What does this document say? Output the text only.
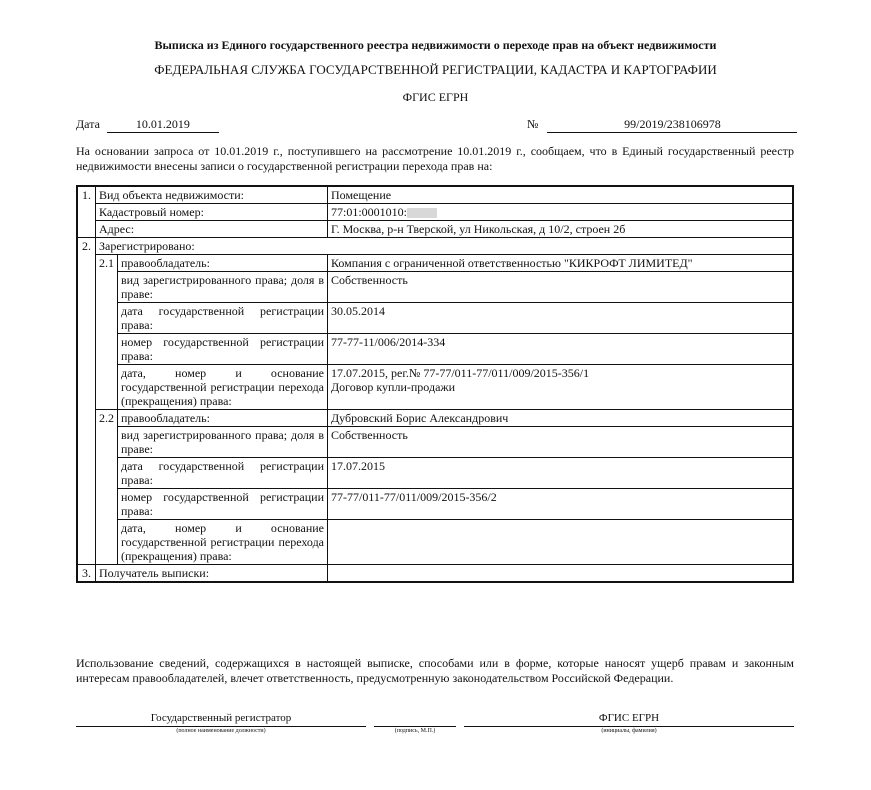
Выписка из Единого государственного реестра недвижимости о переходе прав на объект недвижимости
ФЕДЕРАЛЬНАЯ СЛУЖБА ГОСУДАРСТВЕННОЙ РЕГИСТРАЦИИ, КАДАСТРА И КАРТОГРАФИИ
ФГИС ЕГРН
Дата	10.01.2019	№	99/2019/238106978
На основании запроса от 10.01.2019 г., поступившего на рассмотрение 10.01.2019 г., сообщаем, что в Единый государственный реестр недвижимости внесены записи о государственной регистрации перехода прав на:
1.	Вид объекта недвижимости:		Помещение
	Кадастровый номер:		77:01:0001010:
	Адрес:		Г. Москва, р-н Тверской, ул Никольская, д 10/2, строен 2б
2.	Зарегистрировано:		
	2.1	правообладатель:	Компания с ограниченной ответственностью "КИКРОФТ ЛИМИТЕД"
		вид зарегистрированного права; доля в праве:	Собственность
		дата государственной регистрации права:	30.05.2014
		номер государственной регистрации права:	77-77-11/006/2014-334
		дата, номер и основание государственной регистрации перехода (прекращения) права:	17.07.2015, рег.№ 77-77/011-77/011/009/2015-356/1
Договор купли-продажи

	2.2	правообладатель:	Дубровский Борис Александрович
		вид зарегистрированного права; доля в праве:	Собственность
		дата государственной регистрации права:	17.07.2015
		номер государственной регистрации права:	77-77/011-77/011/009/2015-356/2
		дата, номер и основание государственной регистрации перехода (прекращения) права:	
3.	Получатель выписки:		
Использование сведений, содержащихся в настоящей выписке, способами или в форме, которые наносят ущерб правам и законным интересам правообладателей, влечет ответственность, предусмотренную законодательством Российской Федерации.
Государственный регистратор
(полное наименование должности)	(подпись, М.П.)
ФГИС ЕГРН
(инициалы, фамилия)
